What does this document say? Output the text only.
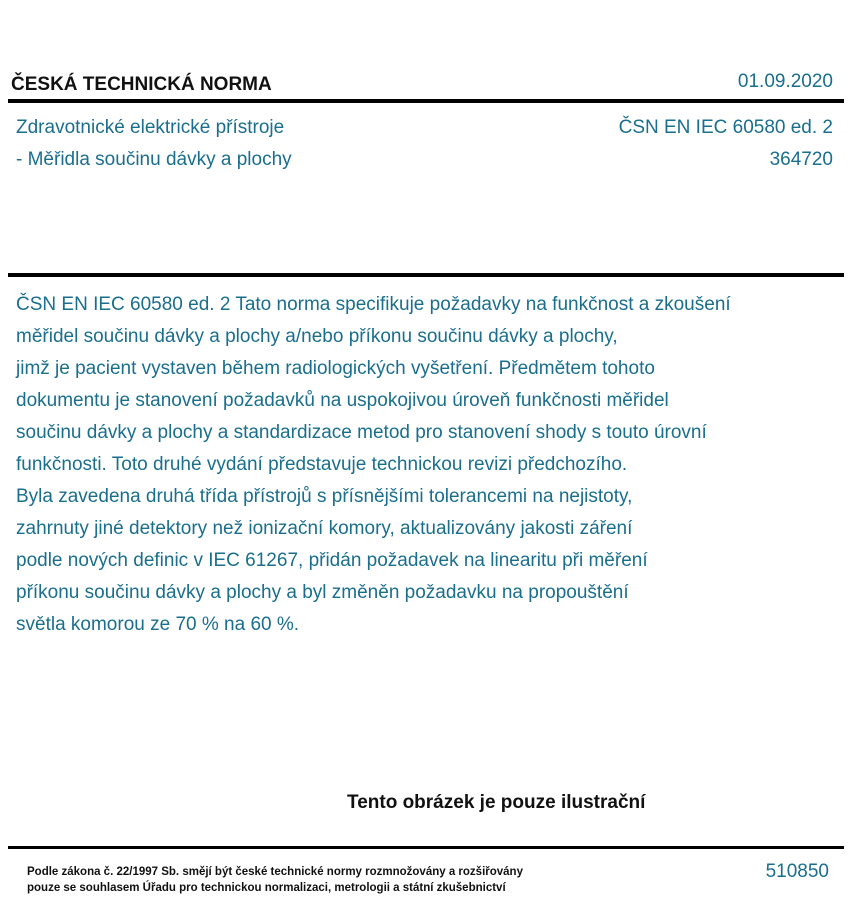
ČESKÁ TECHNICKÁ NORMA	01.09.2020
Zdravotnické elektrické přístroje
- Měřidla součinu dávky a plochy
ČSN EN IEC 60580 ed. 2
364720
ČSN EN IEC 60580 ed. 2 Tato norma specifikuje požadavky na funkčnost a zkoušení
měřidel součinu dávky a plochy a/nebo příkonu součinu dávky a plochy,
jimž je pacient vystaven během radiologických vyšetření. Předmětem tohoto
dokumentu je stanovení požadavků na uspokojivou úroveň funkčnosti měřidel
součinu dávky a plochy a standardizace metod pro stanovení shody s touto úrovní
funkčnosti. Toto druhé vydání představuje technickou revizi předchozího.
Byla zavedena druhá třída přístrojů s přísnějšími tolerancemi na nejistoty,
zahrnuty jiné detektory než ionizační komory, aktualizovány jakosti záření
podle nových definic v IEC 61267, přidán požadavek na linearitu při měření
příkonu součinu dávky a plochy a byl změněn požadavku na propouštění
světla komorou ze 70 % na 60 %.
Tento obrázek je pouze ilustrační
Podle zákona č. 22/1997 Sb. smějí být české technické normy rozmnožovány a rozšiřovány
pouze se souhlasem Úřadu pro technickou normalizaci, metrologii a státní zkušebnictví
510850
